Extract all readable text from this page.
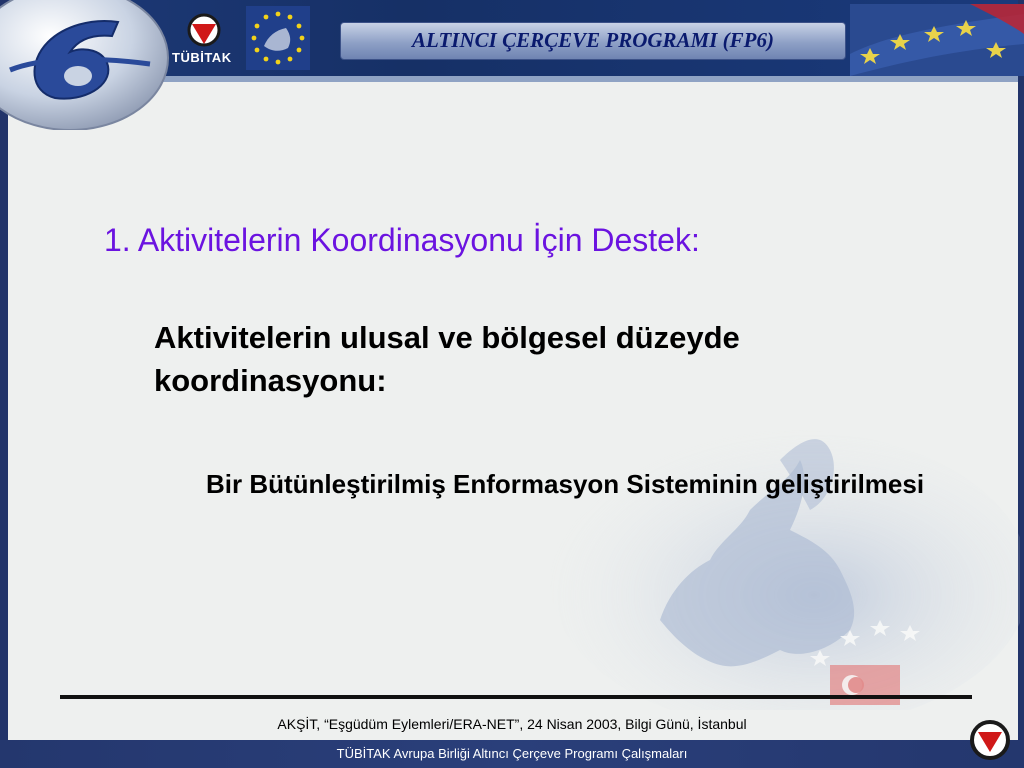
TÜBİTAK
ALTINCI ÇERÇEVE PROGRAMI (FP6)
1. Aktivitelerin Koordinasyonu İçin Destek:
Aktivitelerin ulusal ve bölgesel düzeyde koordinasyonu:
Bir Bütünleştirilmiş Enformasyon Sisteminin geliştirilmesi
AKŞİT, “Eşgüdüm Eylemleri/ERA-NET”, 24 Nisan 2003, Bilgi Günü, İstanbul
TÜBİTAK Avrupa Birliği Altıncı Çerçeve Programı Çalışmaları
